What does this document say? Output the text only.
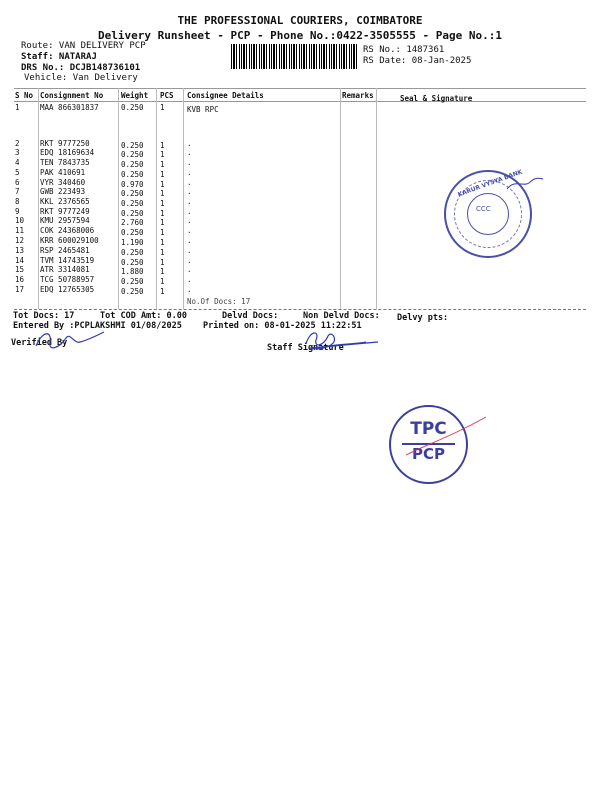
THE PROFESSIONAL COURIERS, COIMBATORE
Delivery Runsheet - PCP - Phone No.:0422-3505555 - Page No.:1
Route: VAN DELIVERY PCP
Staff: NATARAJ
DRS No.: DCJB148736101
Vehicle: Van Delivery
RS No.: 1487361
RS Date: 08-Jan-2025
S No Consignment No Weight PCS Consignee Details	Remarks	Seal & Signature
1	MAA 866301837	0.250 1	KVB RPC
2	RKT 9777250	0.250 1	.
3	EDQ 18169634	0.250 1	.
4	TEN 7843735	0.250 1	.
5	PAK 410691	0.250 1	.
6	VYR 340460	0.970 1	.
7	GWB 223493	0.250 1	.
8	KKL 2376565	0.250 1	.
9	RKT 9777249	0.250 1	.
10 KMU 2957594	2.760 1	.
11 COK 24368006	0.250 1	.
12 KRR 600029100	1.190 1	.
13 RSP 2465481	0.250 1	.
14 TVM 14743519	0.250 1	.
15 ATR 3314081	1.880 1	.
16 TCG 50788957	0.250 1	.
17 EDQ 12765305	0.250 1	.
No.Of Docs: 17
Tot Docs: 17	Tot COD Amt: 0.00	Delvd Docs:	Non Delvd Docs: Delvy pts:
Entered By :PCPLAKSHMI 01/08/2025 Printed on: 08-01-2025 11:22:51
Verified By	Staff Signature
KARUR VYSYA BANK
CCC
TPC
PCP
